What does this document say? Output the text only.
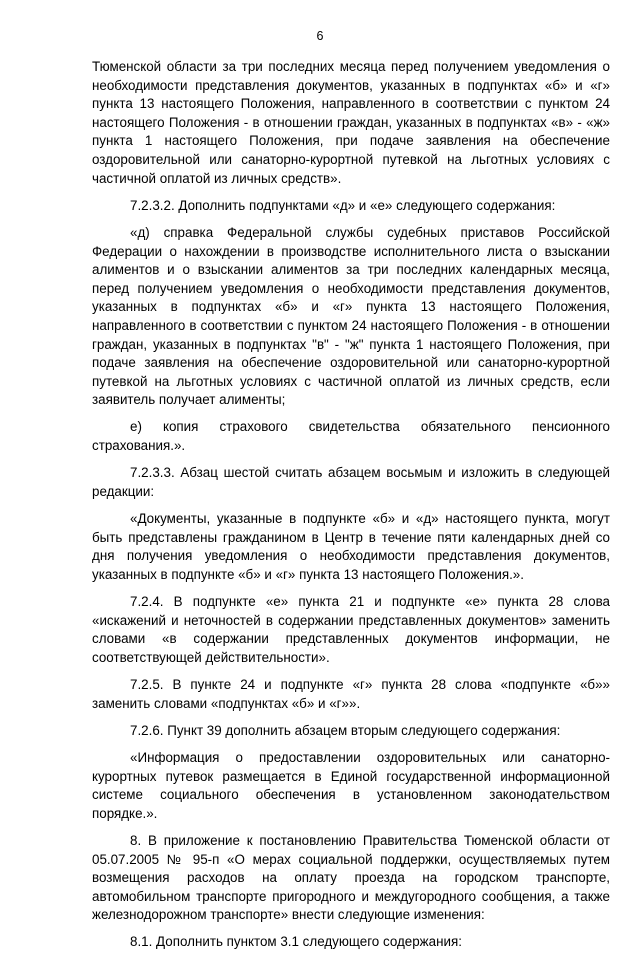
6

Тюменской области за три последних месяца перед получением уведомления о необходимости представления документов, указанных в подпунктах «б» и «г» пункта 13 настоящего Положения, направленного в соответствии с пунктом 24 настоящего Положения - в отношении граждан, указанных в подпунктах «в» - «ж» пункта 1 настоящего Положения, при подаче заявления на обеспечение оздоровительной или санаторно-курортной путевкой на льготных условиях с частичной оплатой из личных средств».

7.2.3.2. Дополнить подпунктами «д» и «е» следующего содержания:

«д) справка Федеральной службы судебных приставов Российской Федерации о нахождении в производстве исполнительного листа о взыскании алиментов и о взыскании алиментов за три последних календарных месяца, перед получением уведомления о необходимости представления документов, указанных в подпунктах «б» и «г» пункта 13 настоящего Положения, направленного в соответствии с пунктом 24 настоящего Положения - в отношении граждан, указанных в подпунктах "в" - "ж" пункта 1 настоящего Положения, при подаче заявления на обеспечение оздоровительной или санаторно-курортной путевкой на льготных условиях с частичной оплатой из личных средств, если заявитель получает алименты;

е) копия страхового свидетельства обязательного пенсионного страхования.».

7.2.3.3. Абзац шестой считать абзацем восьмым и изложить в следующей редакции:

«Документы, указанные в подпункте «б» и «д» настоящего пункта, могут быть представлены гражданином в Центр в течение пяти календарных дней со дня получения уведомления о необходимости представления документов, указанных в подпункте «б» и «г» пункта 13 настоящего Положения.».

7.2.4. В подпункте «е» пункта 21 и подпункте «е» пункта 28 слова «искажений и неточностей в содержании представленных документов» заменить словами «в содержании представленных документов информации, не соответствующей действительности».

7.2.5. В пункте 24 и подпункте «г» пункта 28 слова «подпункте «б»» заменить словами «подпунктах «б» и «г»».

7.2.6. Пункт 39 дополнить абзацем вторым следующего содержания:

«Информация о предоставлении оздоровительных или санаторно-курортных путевок размещается в Единой государственной информационной системе социального обеспечения в установленном законодательством порядке.».

8. В приложение к постановлению Правительства Тюменской области от 05.07.2005 № 95-п «О мерах социальной поддержки, осуществляемых путем возмещения расходов на оплату проезда на городском транспорте, автомобильном транспорте пригородного и междугородного сообщения, а также железнодорожном транспорте» внести следующие изменения:

8.1. Дополнить пунктом 3.1 следующего содержания:
